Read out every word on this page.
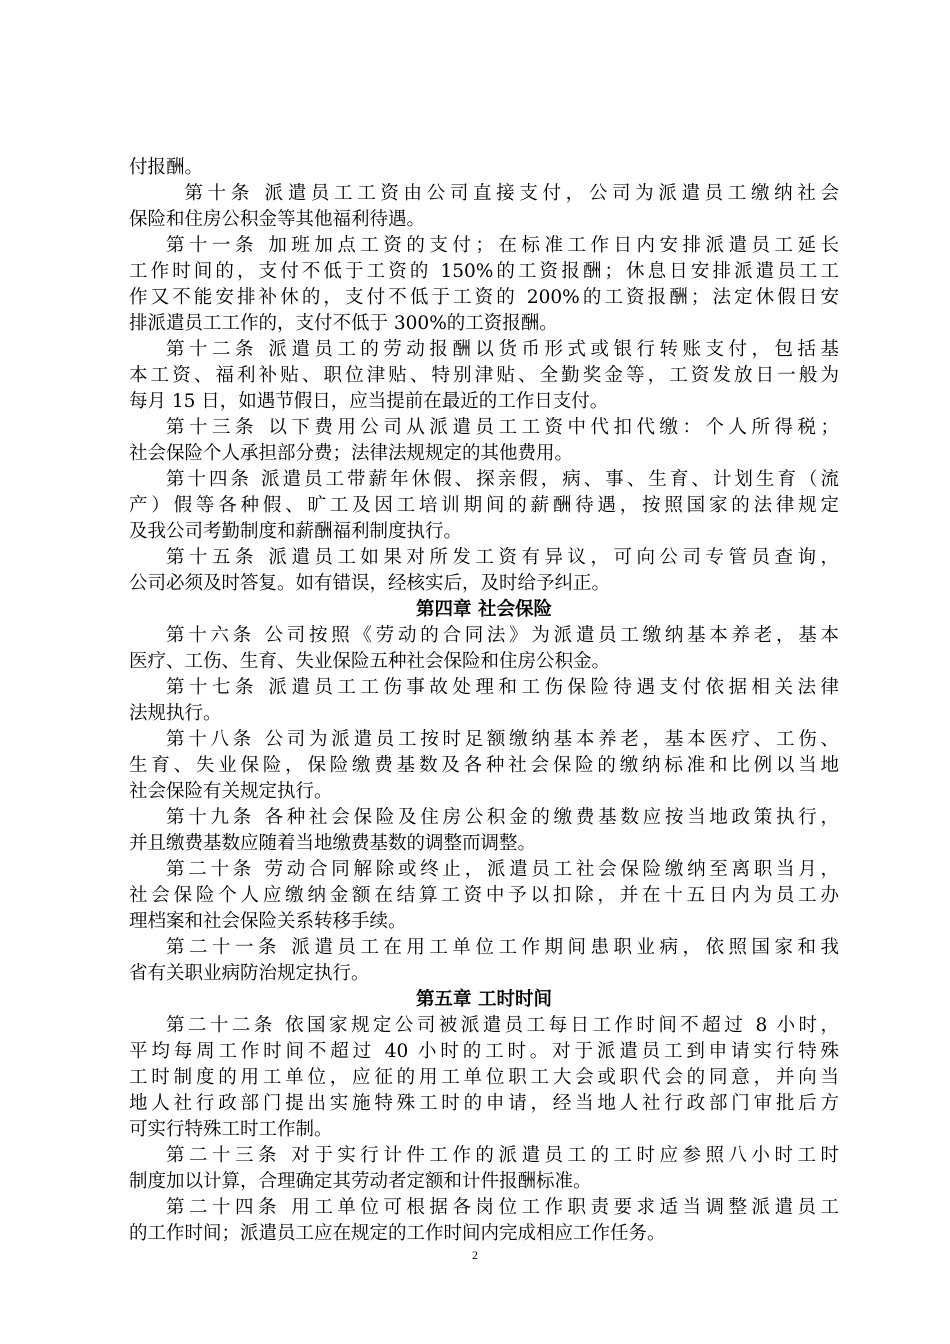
付报酬。
第十条 派遣员工工资由公司直接支付，公司为派遣员工缴纳社会
保险和住房公积金等其他福利待遇。
第十一条 加班加点工资的支付；在标准工作日内安排派遣员工延长
工作时间的，支付不低于工资的 150%的工资报酬；休息日安排派遣员工工
作又不能安排补休的，支付不低于工资的 200%的工资报酬；法定休假日安
排派遣员工工作的，支付不低于 300%的工资报酬。
第十二条 派遣员工的劳动报酬以货币形式或银行转账支付，包括基
本工资、福利补贴、职位津贴、特别津贴、全勤奖金等，工资发放日一般为
每月 15 日，如遇节假日，应当提前在最近的工作日支付。
第十三条 以下费用公司从派遣员工工资中代扣代缴：个人所得税；
社会保险个人承担部分费；法律法规规定的其他费用。
第十四条 派遣员工带薪年休假、探亲假，病、事、生育、计划生育（流
产）假等各种假、旷工及因工培训期间的薪酬待遇，按照国家的法律规定
及我公司考勤制度和薪酬福利制度执行。
第十五条 派遣员工如果对所发工资有异议，可向公司专管员查询，
公司必须及时答复。如有错误，经核实后，及时给予纠正。
第四章 社会保险
第十六条 公司按照《劳动的合同法》为派遣员工缴纳基本养老，基本
医疗、工伤、生育、失业保险五种社会保险和住房公积金。
第十七条 派遣员工工伤事故处理和工伤保险待遇支付依据相关法律
法规执行。
第十八条 公司为派遣员工按时足额缴纳基本养老，基本医疗、工伤、
生育、失业保险，保险缴费基数及各种社会保险的缴纳标准和比例以当地
社会保险有关规定执行。
第十九条 各种社会保险及住房公积金的缴费基数应按当地政策执行，
并且缴费基数应随着当地缴费基数的调整而调整。
第二十条 劳动合同解除或终止，派遣员工社会保险缴纳至离职当月，
社会保险个人应缴纳金额在结算工资中予以扣除，并在十五日内为员工办
理档案和社会保险关系转移手续。
第二十一条 派遣员工在用工单位工作期间患职业病，依照国家和我
省有关职业病防治规定执行。
第五章 工时时间
第二十二条 依国家规定公司被派遣员工每日工作时间不超过 8 小时，
平均每周工作时间不超过 40 小时的工时。对于派遣员工到申请实行特殊
工时制度的用工单位，应征的用工单位职工大会或职代会的同意，并向当
地人社行政部门提出实施特殊工时的申请，经当地人社行政部门审批后方
可实行特殊工时工作制。
第二十三条 对于实行计件工作的派遣员工的工时应参照八小时工时
制度加以计算，合理确定其劳动者定额和计件报酬标准。
第二十四条 用工单位可根据各岗位工作职责要求适当调整派遣员工
的工作时间；派遣员工应在规定的工作时间内完成相应工作任务。
2
